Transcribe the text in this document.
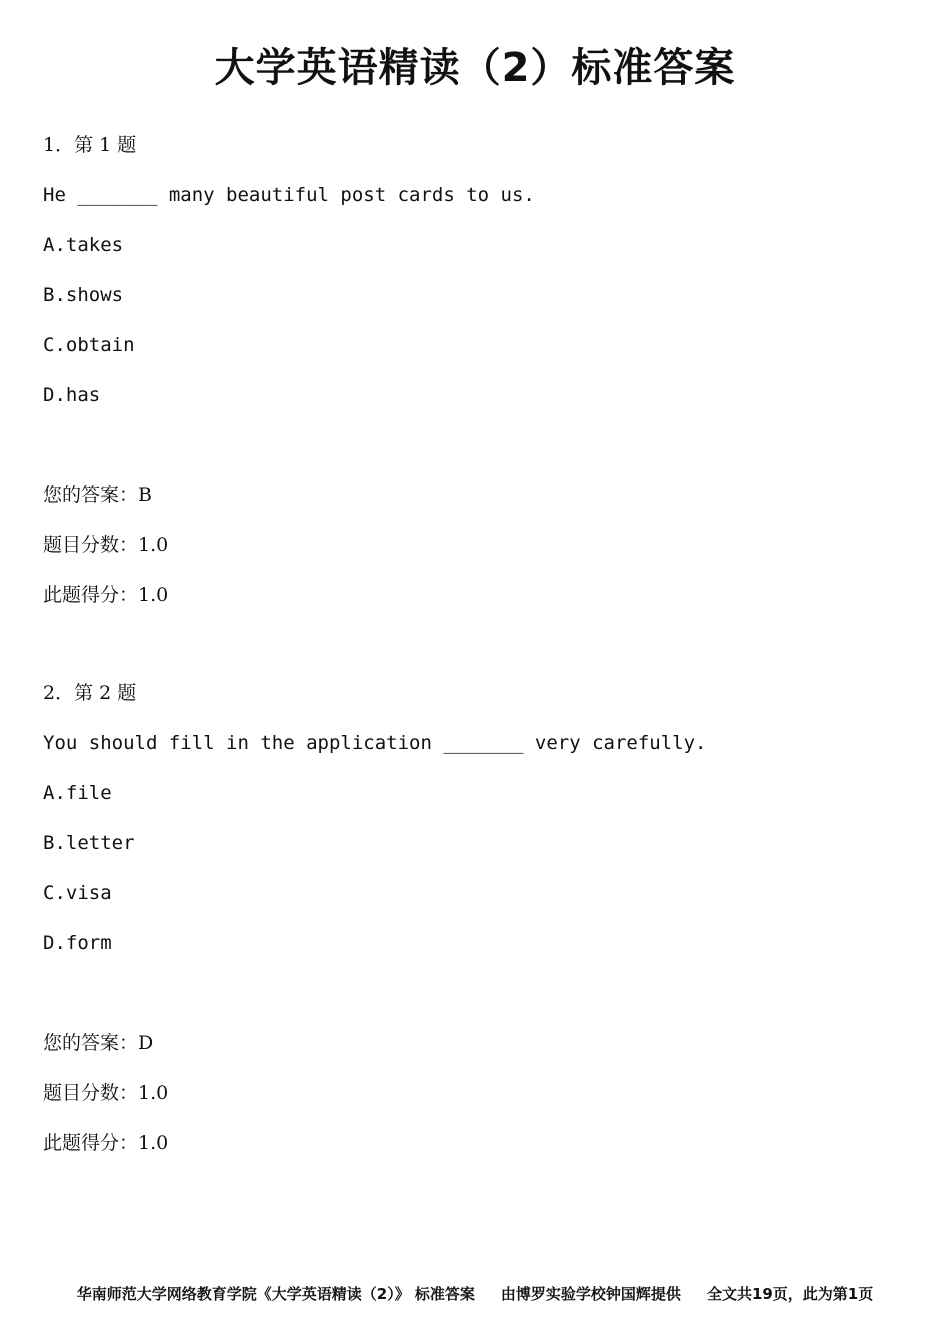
大学英语精读（2）标准答案
1．第 1 题
He _______ many beautiful post cards to us.
A.takes
B.shows
C.obtain
D.has
您的答案：B
题目分数：1.0
此题得分：1.0
2．第 2 题
You should fill in the application _______ very carefully.
A.file
B.letter
C.visa
D.form
您的答案：D
题目分数：1.0
此题得分：1.0
华南师范大学网络教育学院《大学英语精读（2）》 标准答案 由博罗实验学校钟国辉提供 全文共19页，此为第1页
